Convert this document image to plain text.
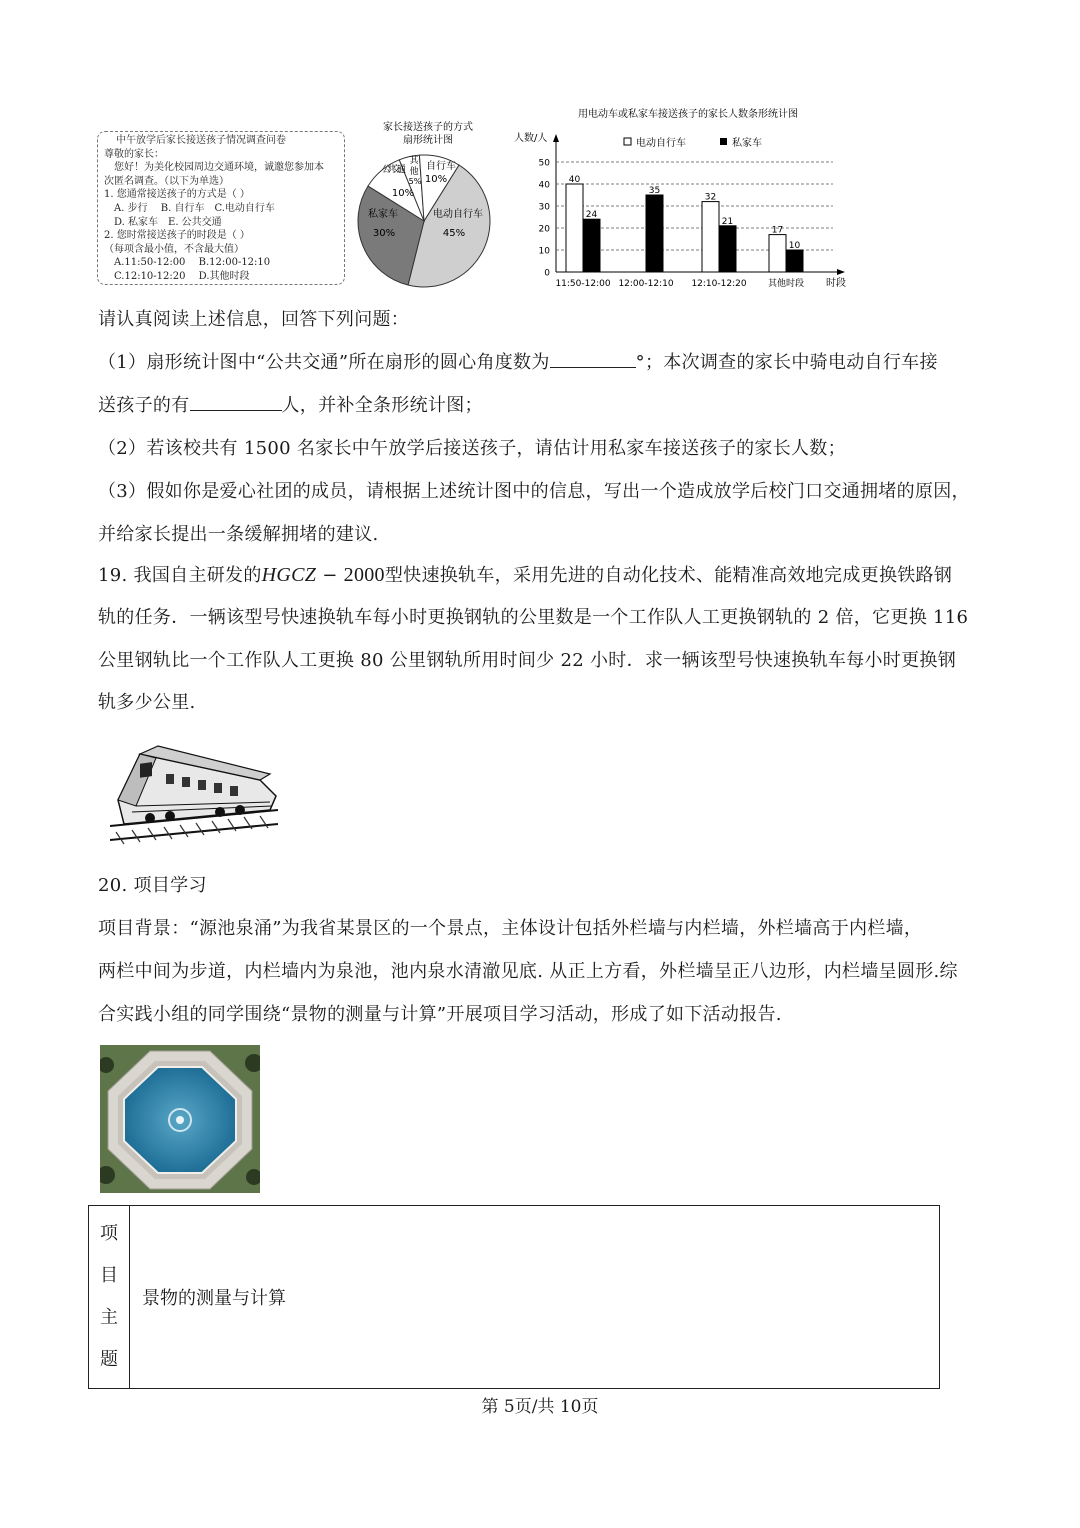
中午放学后家长接送孩子情况调查问卷
尊敬的家长：
　您好！为美化校园周边交通环境，诚邀您参加本
次匿名调查。（以下为单选）
1. 您通常接送孩子的方式是（ ）
　A. 步行　 B. 自行车　C.电动自行车
　D. 私家车　E. 公共交通
2. 您时常接送孩子的时段是（ ）
（每项含最小值，不含最大值）
　A.11:50-12:00　 B.12:00-12:10
　C.12:10-12:20　 D.其他时段
家长接送孩子的方式
扇形统计图
电动自行车
45%
私家车
30%
公共交通
10%
其
他
5%
自行车
10%
用电动车或私家车接送孩子的家长人数条形统计图
人数/人
时段
电动自行车	私家车
0
10
20
30
40
50
40
24
11:50-12:00
35
12:00-12:10
32
21
12:10-12:20
17
10
其他时段
请认真阅读上述信息，回答下列问题：
（1）扇形统计图中“公共交通”所在扇形的圆心角度数为	°；本次调查的家长中骑电动自行车接
送孩子的有	人，并补全条形统计图；
（2）若该校共有 1500 名家长中午放学后接送孩子，请估计用私家车接送孩子的家长人数；
（3）假如你是爱心社团的成员，请根据上述统计图中的信息，写出一个造成放学后校门口交通拥堵的原因，
并给家长提出一条缓解拥堵的建议.
19. 我国自主研发的HGCZ − 2000型快速换轨车，采用先进的自动化技术、能精准高效地完成更换铁路钢
轨的任务．一辆该型号快速换轨车每小时更换钢轨的公里数是一个工作队人工更换钢轨的 2 倍，它更换 116
公里钢轨比一个工作队人工更换 80 公里钢轨所用时间少 22 小时．求一辆该型号快速换轨车每小时更换钢
轨多少公里.
20. 项目学习
项目背景：“源池泉涌”为我省某景区的一个景点，主体设计包括外栏墙与内栏墙，外栏墙高于内栏墙，
两栏中间为步道，内栏墙内为泉池，池内泉水清澈见底. 从正上方看，外栏墙呈正八边形，内栏墙呈圆形.综
合实践小组的同学围绕“景物的测量与计算”开展项目学习活动，形成了如下活动报告.
项
目
主
题
	景物的测量与计算
第 5页/共 10页
